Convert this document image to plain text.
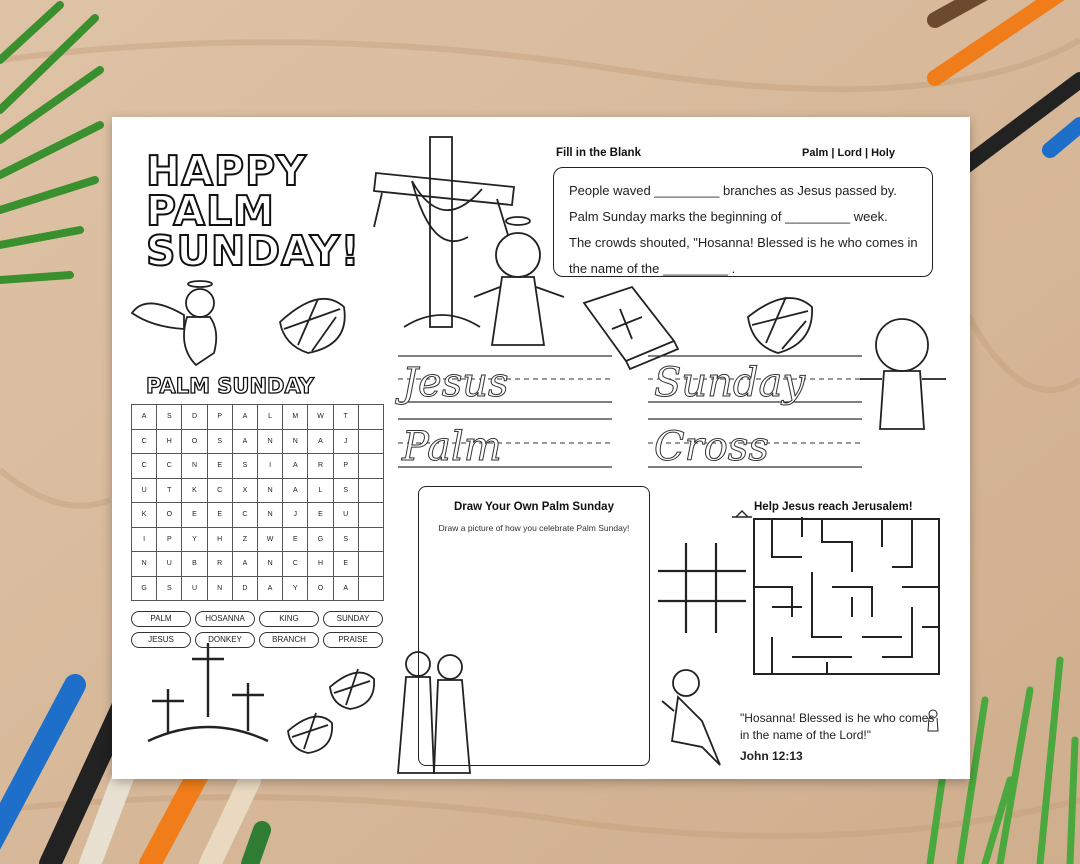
HAPPY
PALM
SUNDAY!
PALM SUNDAY
A	S	D	P	A	L	M	W	T
C	H	O	S	A	N	N	A	J
C	C	N	E	S	I	A	R	P
U	T	K	C	X	N	A	L	S
K	O	E	E	C	N	J	E	U
I	P	Y	H	Z	W	E	G	S
N	U	B	R	A	N	C	H	E
G	S	U	N	D	A	Y	O	A
PALM	HOSANNA	KING	SUNDAY
JESUS	DONKEY	BRANCH	PRAISE
Fill in the Blank	Palm | Lord | Holy
People waved _________ branches as Jesus passed by.
Palm Sunday marks the beginning of _________ week.
The crowds shouted, "Hosanna! Blessed is he who comes in
the name of the _________ .
Jesus	Sunday
Palm	Cross
Draw Your Own Palm Sunday
Draw a picture of how you celebrate Palm Sunday!
Help Jesus reach Jerusalem!
"Hosanna! Blessed is he who comes in the name of the Lord!"
John 12:13
